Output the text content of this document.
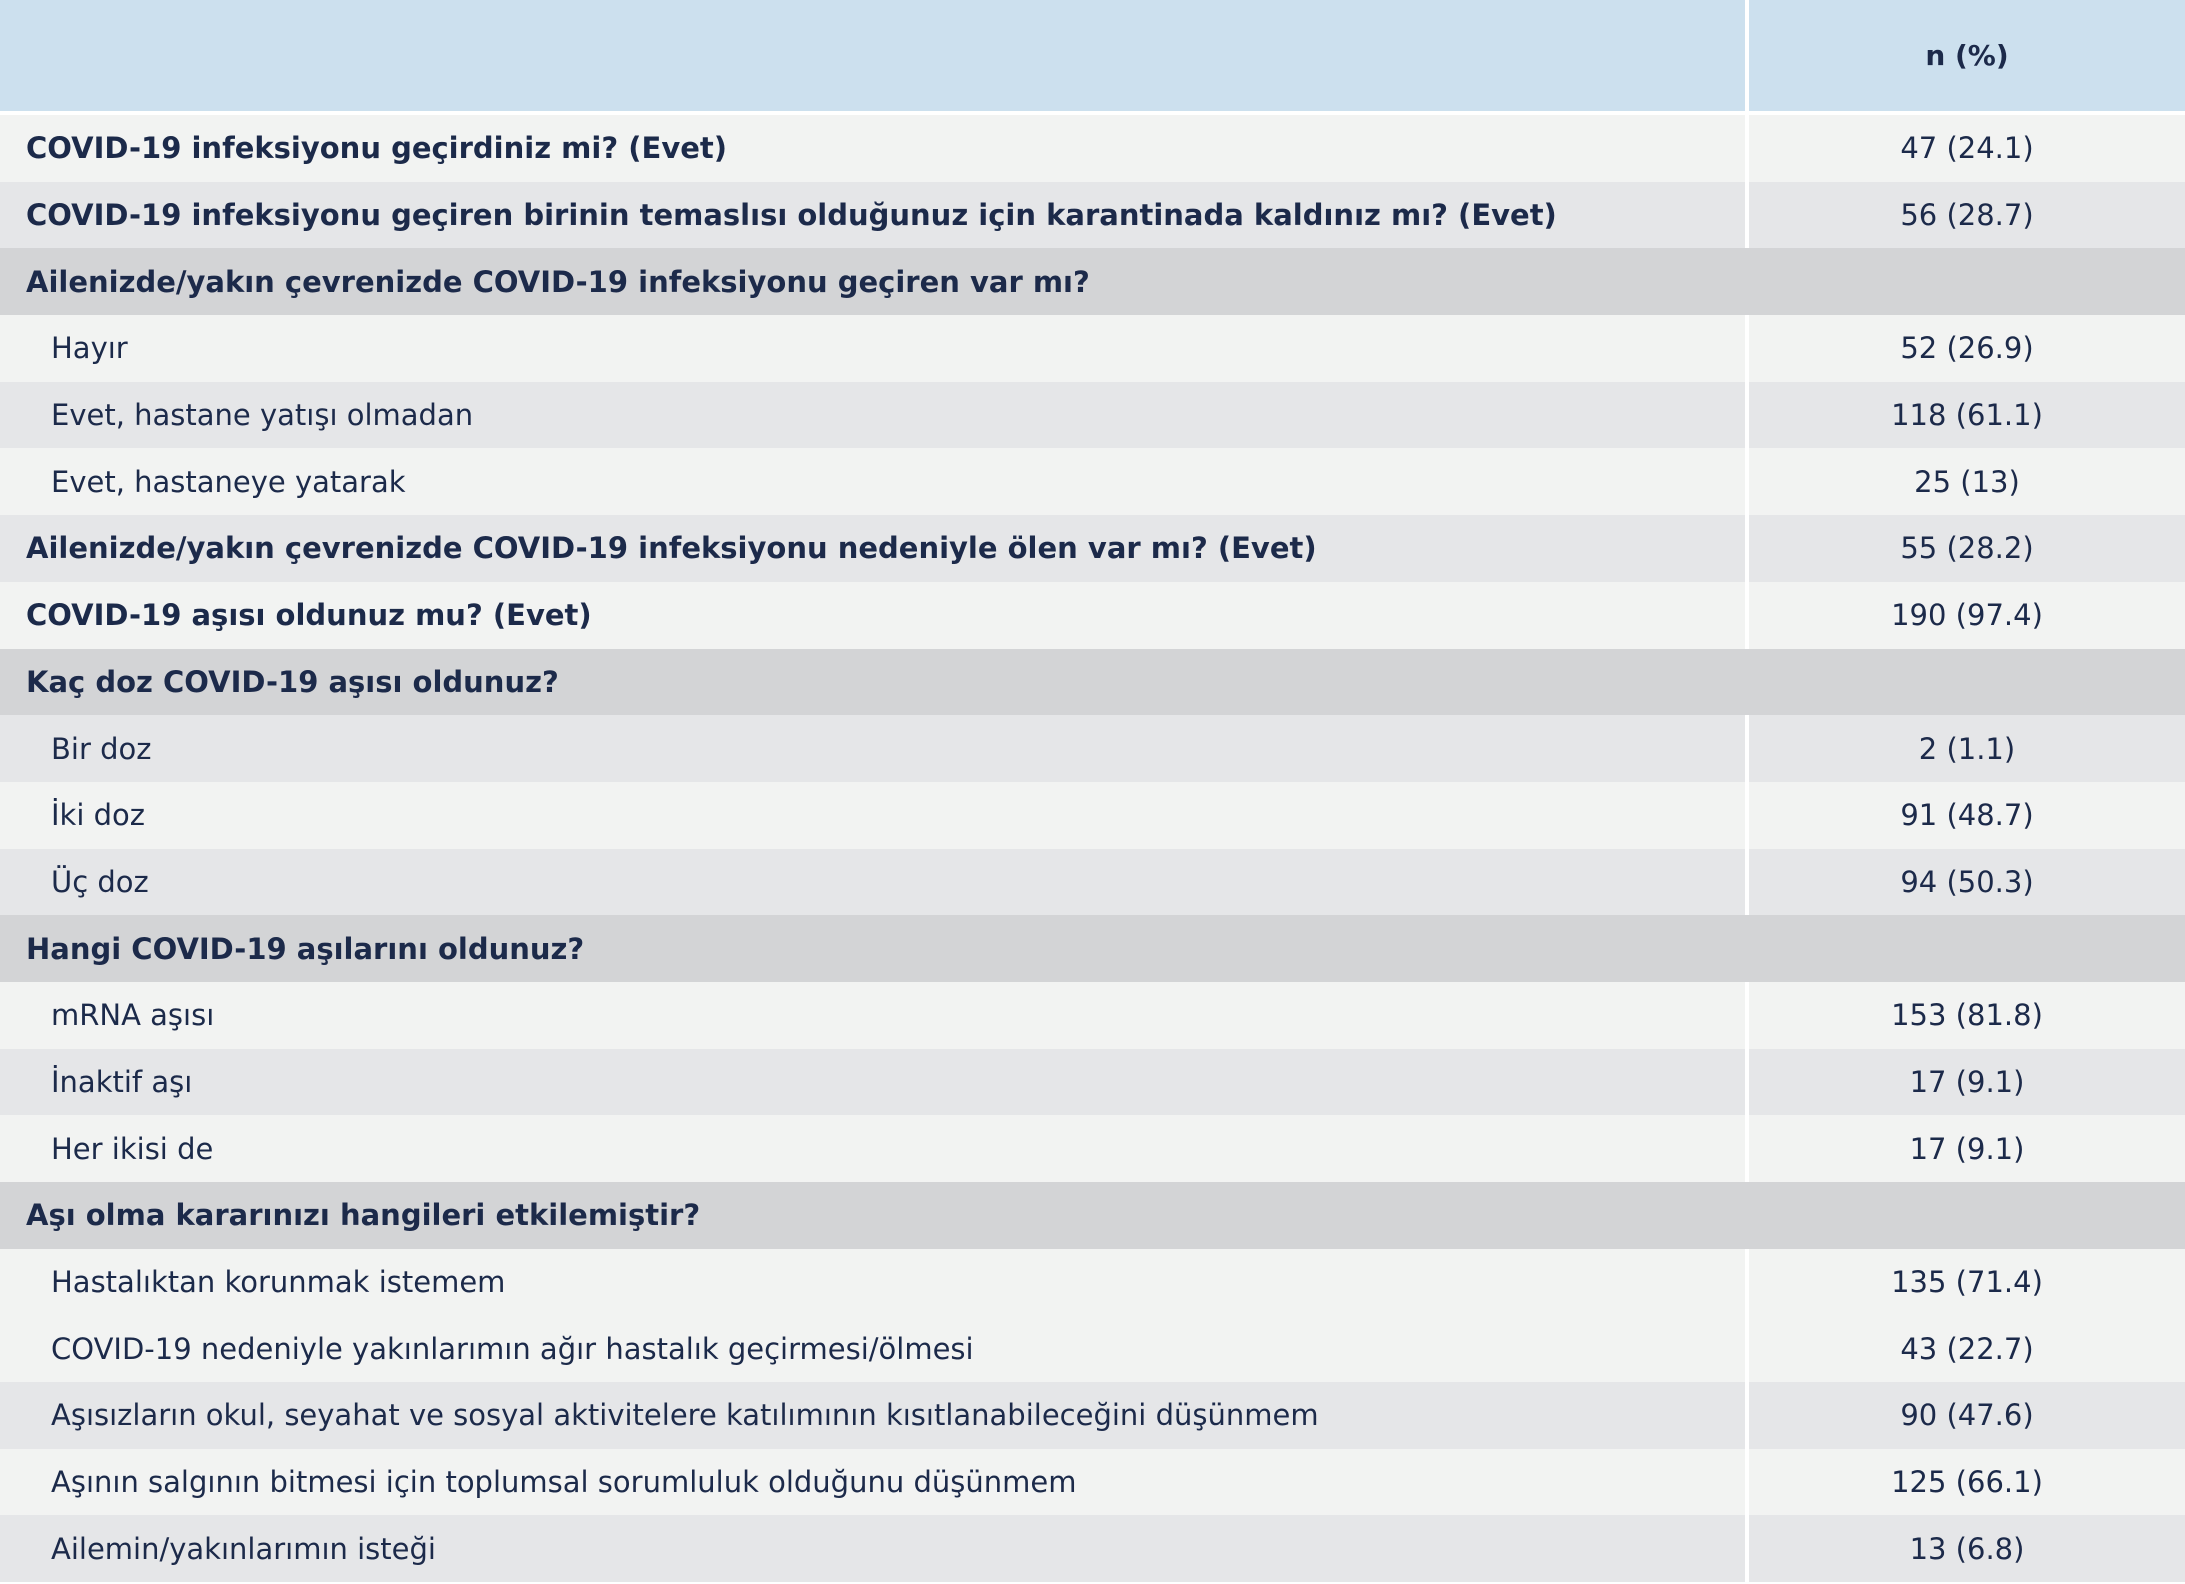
n (%)
COVID-19 infeksiyonu geçirdiniz mi? (Evet)	47 (24.1)
COVID-19 infeksiyonu geçiren birinin temaslısı olduğunuz için karantinada kaldınız mı? (Evet)	56 (28.7)
Ailenizde/yakın çevrenizde COVID-19 infeksiyonu geçiren var mı?
Hayır	52 (26.9)
Evet, hastane yatışı olmadan	118 (61.1)
Evet, hastaneye yatarak	25 (13)
Ailenizde/yakın çevrenizde COVID-19 infeksiyonu nedeniyle ölen var mı? (Evet)	55 (28.2)
COVID-19 aşısı oldunuz mu? (Evet)	190 (97.4)
Kaç doz COVID-19 aşısı oldunuz?
Bir doz	2 (1.1)
İki doz	91 (48.7)
Üç doz	94 (50.3)
Hangi COVID-19 aşılarını oldunuz?
mRNA aşısı	153 (81.8)
İnaktif aşı	17 (9.1)
Her ikisi de	17 (9.1)
Aşı olma kararınızı hangileri etkilemiştir?
Hastalıktan korunmak istemem	135 (71.4)
COVID-19 nedeniyle yakınlarımın ağır hastalık geçirmesi/ölmesi	43 (22.7)
Aşısızların okul, seyahat ve sosyal aktivitelere katılımının kısıtlanabileceğini düşünmem	90 (47.6)
Aşının salgının bitmesi için toplumsal sorumluluk olduğunu düşünmem	125 (66.1)
Ailemin/yakınlarımın isteği	13 (6.8)
